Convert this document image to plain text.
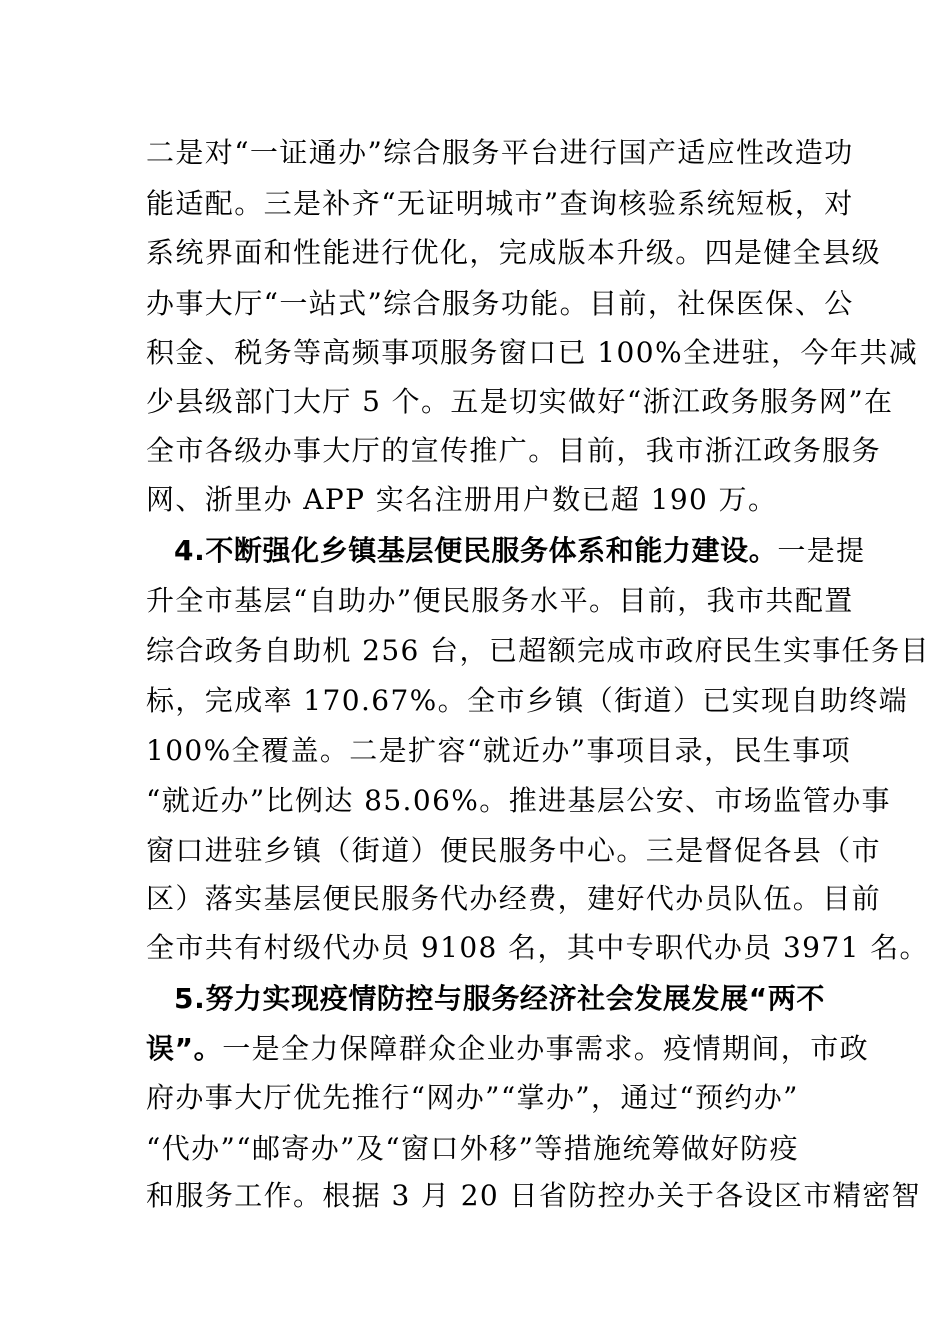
二是对“一证通办”综合服务平台进行国产适应性改造功
能适配。三是补齐“无证明城市”查询核验系统短板，对
系统界面和性能进行优化，完成版本升级。四是健全县级
办事大厅“一站式”综合服务功能。目前，社保医保、公
积金、税务等高频事项服务窗口已 100%全进驻，今年共减
少县级部门大厅 5 个。五是切实做好“浙江政务服务网”在
全市各级办事大厅的宣传推广。目前，我市浙江政务服务
网、浙里办 APP 实名注册用户数已超 190 万。
4.不断强化乡镇基层便民服务体系和能力建设。一是提
升全市基层“自助办”便民服务水平。目前，我市共配置
综合政务自助机 256 台，已超额完成市政府民生实事任务目
标，完成率 170.67%。全市乡镇（街道）已实现自助终端
100%全覆盖。二是扩容“就近办”事项目录，民生事项
“就近办”比例达 85.06%。推进基层公安、市场监管办事
窗口进驻乡镇（街道）便民服务中心。三是督促各县（市
区）落实基层便民服务代办经费，建好代办员队伍。目前
全市共有村级代办员 9108 名，其中专职代办员 3971 名。
5.努力实现疫情防控与服务经济社会发展发展“两不
误”。一是全力保障群众企业办事需求。疫情期间，市政
府办事大厅优先推行“网办”“掌办”，通过“预约办”
“代办”“邮寄办”及“窗口外移”等措施统筹做好防疫
和服务工作。根据 3 月 20 日省防控办关于各设区市精密智
